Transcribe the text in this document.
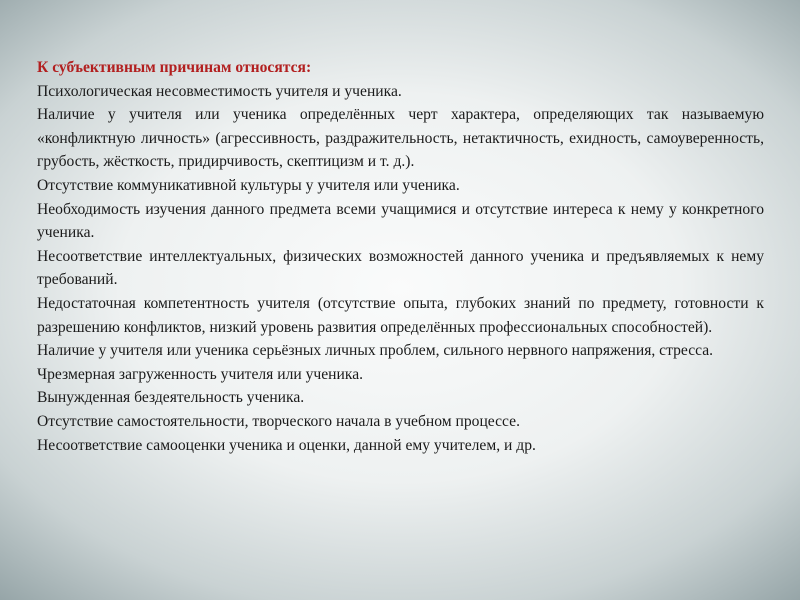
К субъективным причинам относятся:

Психологическая несовместимость учителя и ученика.

Наличие у учителя или ученика определённых черт характера, определяющих так называемую «конфликтную личность» (агрессивность, раздражительность, нетактичность, ехидность, самоуверенность, грубость, жёсткость, придирчивость, скептицизм и т. д.).

Отсутствие коммуникативной культуры у учителя или ученика.

Необходимость изучения данного предмета всеми учащимися и отсутствие интереса к нему у конкретного ученика.

Несоответствие интеллектуальных, физических возможностей данного ученика и предъявляемых к нему требований.

Недостаточная компетентность учителя (отсутствие опыта, глубоких знаний по предмету, готовности к разрешению конфликтов, низкий уровень развития определённых профессиональных способностей).

Наличие у учителя или ученика серьёзных личных проблем, сильного нервного напряжения, стресса.

Чрезмерная загруженность учителя или ученика.

Вынужденная бездеятельность ученика.

Отсутствие самостоятельности, творческого начала в учебном процессе.

Несоответствие самооценки ученика и оценки, данной ему учителем, и др.
